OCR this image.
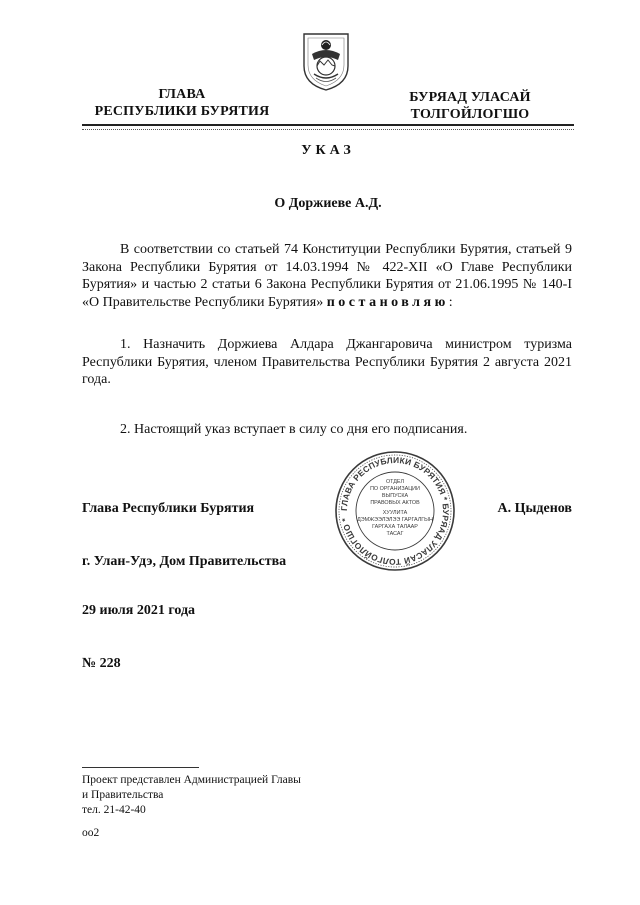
ГЛАВА
РЕСПУБЛИКИ БУРЯТИЯ
БУРЯАД УЛАСАЙ
ТОЛГОЙЛОГШО
УКАЗ
О Доржиеве А.Д.
В соответствии со статьей 74 Конституции Республики Бурятия, статьей 9 Закона Республики Бурятия от 14.03.1994 № 422-XII «О Главе Республики Бурятия» и частью 2 статьи 6 Закона Республики Бурятия от 21.06.1995 № 140-I «О Правительстве Республики Бурятия» постановляю:
1. Назначить Доржиева Алдара Джангаровича министром туризма Республики Бурятия, членом Правительства Республики Бурятия 2 августа 2021 года.
2. Настоящий указ вступает в силу со дня его подписания.
ГЛАВА РЕСПУБЛИКИ БУРЯТИЯ * БУРЯАД УЛАСАЙ ТОЛГОЙЛОГШО *
ОТДЕЛ
ПО ОРГАНИЗАЦИИ
ВЫПУСКА
ПРАВОВЫХ АКТОВ
ХУУЛИТА
ДЭМЖЭЭЛЭЛЭЭ ГАРГАЛГЫН
ГАРГАХА ТАЛААР
ТАСАГ
Глава Республики Бурятия	А. Цыденов
г. Улан-Удэ, Дом Правительства
29 июля 2021 года
№ 228
Проект представлен Администрацией Главы
и Правительства
тел. 21-42-40
оо2
